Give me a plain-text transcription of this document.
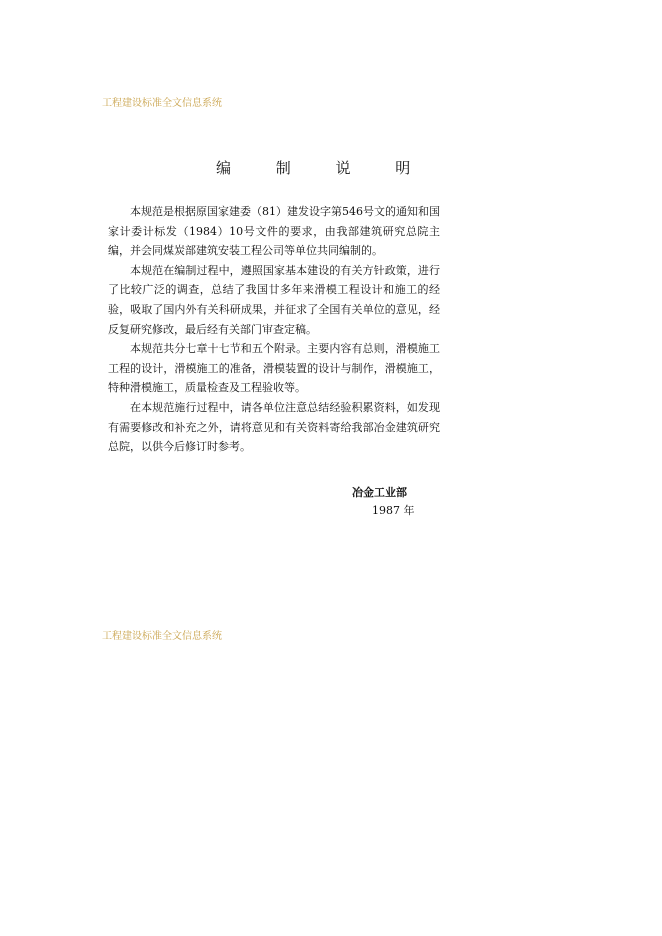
工程建设标准全文信息系统
编 制 说 明

本规范是根据原国家建委（81）建发设字第546号文的通知和国家计委计标发（1984）10号文件的要求，由我部建筑研究总院主编，并会同煤炭部建筑安装工程公司等单位共同编制的。

本规范在编制过程中，遵照国家基本建设的有关方针政策，进行了比较广泛的调查，总结了我国廿多年来滑模工程设计和施工的经验，吸取了国内外有关科研成果，并征求了全国有关单位的意见，经反复研究修改，最后经有关部门审查定稿。

本规范共分七章十七节和五个附录。主要内容有总则，滑模施工工程的设计，滑模施工的准备，滑模装置的设计与制作，滑模施工，特种滑模施工，质量检查及工程验收等。

在本规范施行过程中，请各单位注意总结经验积累资料，如发现有需要修改和补充之外，请将意见和有关资料寄给我部冶金建筑研究总院，以供今后修订时参考。

冶金工业部
1987 年
工程建设标准全文信息系统
